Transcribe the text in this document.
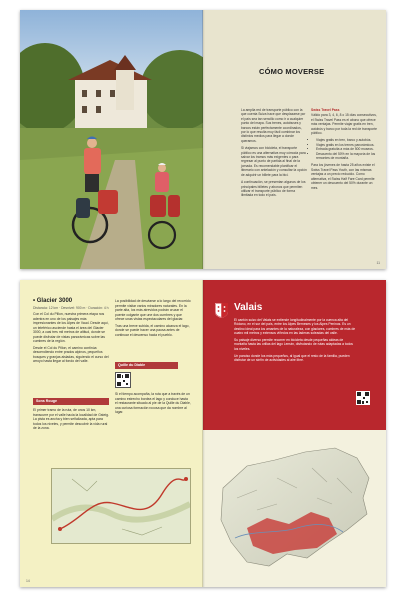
CÓMO MOVERSE

La amplia red de transporte público con la que cuenta Suiza hace que desplazarse por el país sea tan sencillo como ir a cualquier punto del mapa. Sus trenes, autobuses y barcos están perfectamente coordinados, por lo que resulta muy fácil combinar los distintos medios para llegar a donde queramos.

Si viajamos con bicicleta, el transporte público es una alternativa muy cómoda para salvar los tramos más exigentes o para regresar al punto de partida al final de la jornada. Es recomendable planificar el itinerario con antelación y consultar la opción de adquirir un billete para la bici.

A continuación, se presentan algunos de los principales billetes y abonos que permiten utilizar el transporte público de forma ilimitada en todo el país.

Swiss Travel Pass

Válido para 3, 4, 6, 8 o 15 días consecutivos, el Swiss Travel Pass es el abono que ofrece más ventajas. Permite viajar gratis en tren, autobús y barco por toda la red de transporte público.

• Viajes gratis en tren, barco y autobús.
• Viajes gratis en los trenes panorámicos.
• Entrada gratuita a más de 500 museos.
• Descuento del 50% en la mayoría de los remontes de montaña.

Para los jóvenes de hasta 25 años existe el Swiss Travel Pass Youth, con las mismas ventajas a un precio reducido. Como alternativa, el Swiss Half Fare Card permite obtener un descuento del 50% durante un mes.

11
• Glacier 3000

Distancia: 12 km · Desnivel: 900 m · Duración: 4 h

Con el Col du Pillon, nuestra primera etapa nos adentra en uno de los paisajes más impresionantes de los Alpes de Vaud. Desde aquí, un teleférico asciende hasta el área del Glacier 3000, a casi tres mil metros de altitud, donde se puede disfrutar de vistas panorámicas sobre las cumbres de la región.

Desde el Col du Pillon, el camino continúa descendiendo entre prados alpinos, pequeños bosques y granjas aisladas, siguiendo el curso del arroyo hasta llegar al fondo del valle.

Sons Rouge

El primer tramo de la ruta, de unos 10 km, transcurre por el valle hacia la localidad de Gsteig. La pista es ancha y bien señalizada, apta para todos los niveles, y permite descubrir la vida rural de la zona.

La posibilidad de desviarse a lo largo del recorrido permite visitar varios miradores naturales. En la parte alta, los más atrevidos podrán cruzar el puente colgante que une dos cumbres y que ofrece unas vistas espectaculares del glaciar.

Tras una breve subida, el camino alcanza el lago, donde se puede hacer una pausa antes de continuar el descenso hacia el pueblo.

Quille du Diable

Si el tiempo acompaña, la ruta que a través de un camino estrecho bordea el lago y conduce hasta el restaurante situado al pie de la Quille du Diable, una curiosa formación rocosa que da nombre al lugar.

14
Valais

El cantón suizo del Valais se extiende longitudinalmente por la cuenca alta del Ródano, en el sur del país, entre los Alpes Berneses y los Alpes Peninos. Es un destino ideal para los amantes de la naturaleza, con glaciares, cumbres de más de cuatro mil metros y extensos viñedos en las laderas soleadas del valle.

Su paisaje diverso permite recorrer en bicicleta desde pequeñas aldeas de montaña hasta las orillas del lago Lemán, disfrutando de rutas adaptadas a todos los niveles.

Un paraíso donde los más pequeños, al igual que el resto de la familia, pueden disfrutar de un sinfín de actividades al aire libre.
